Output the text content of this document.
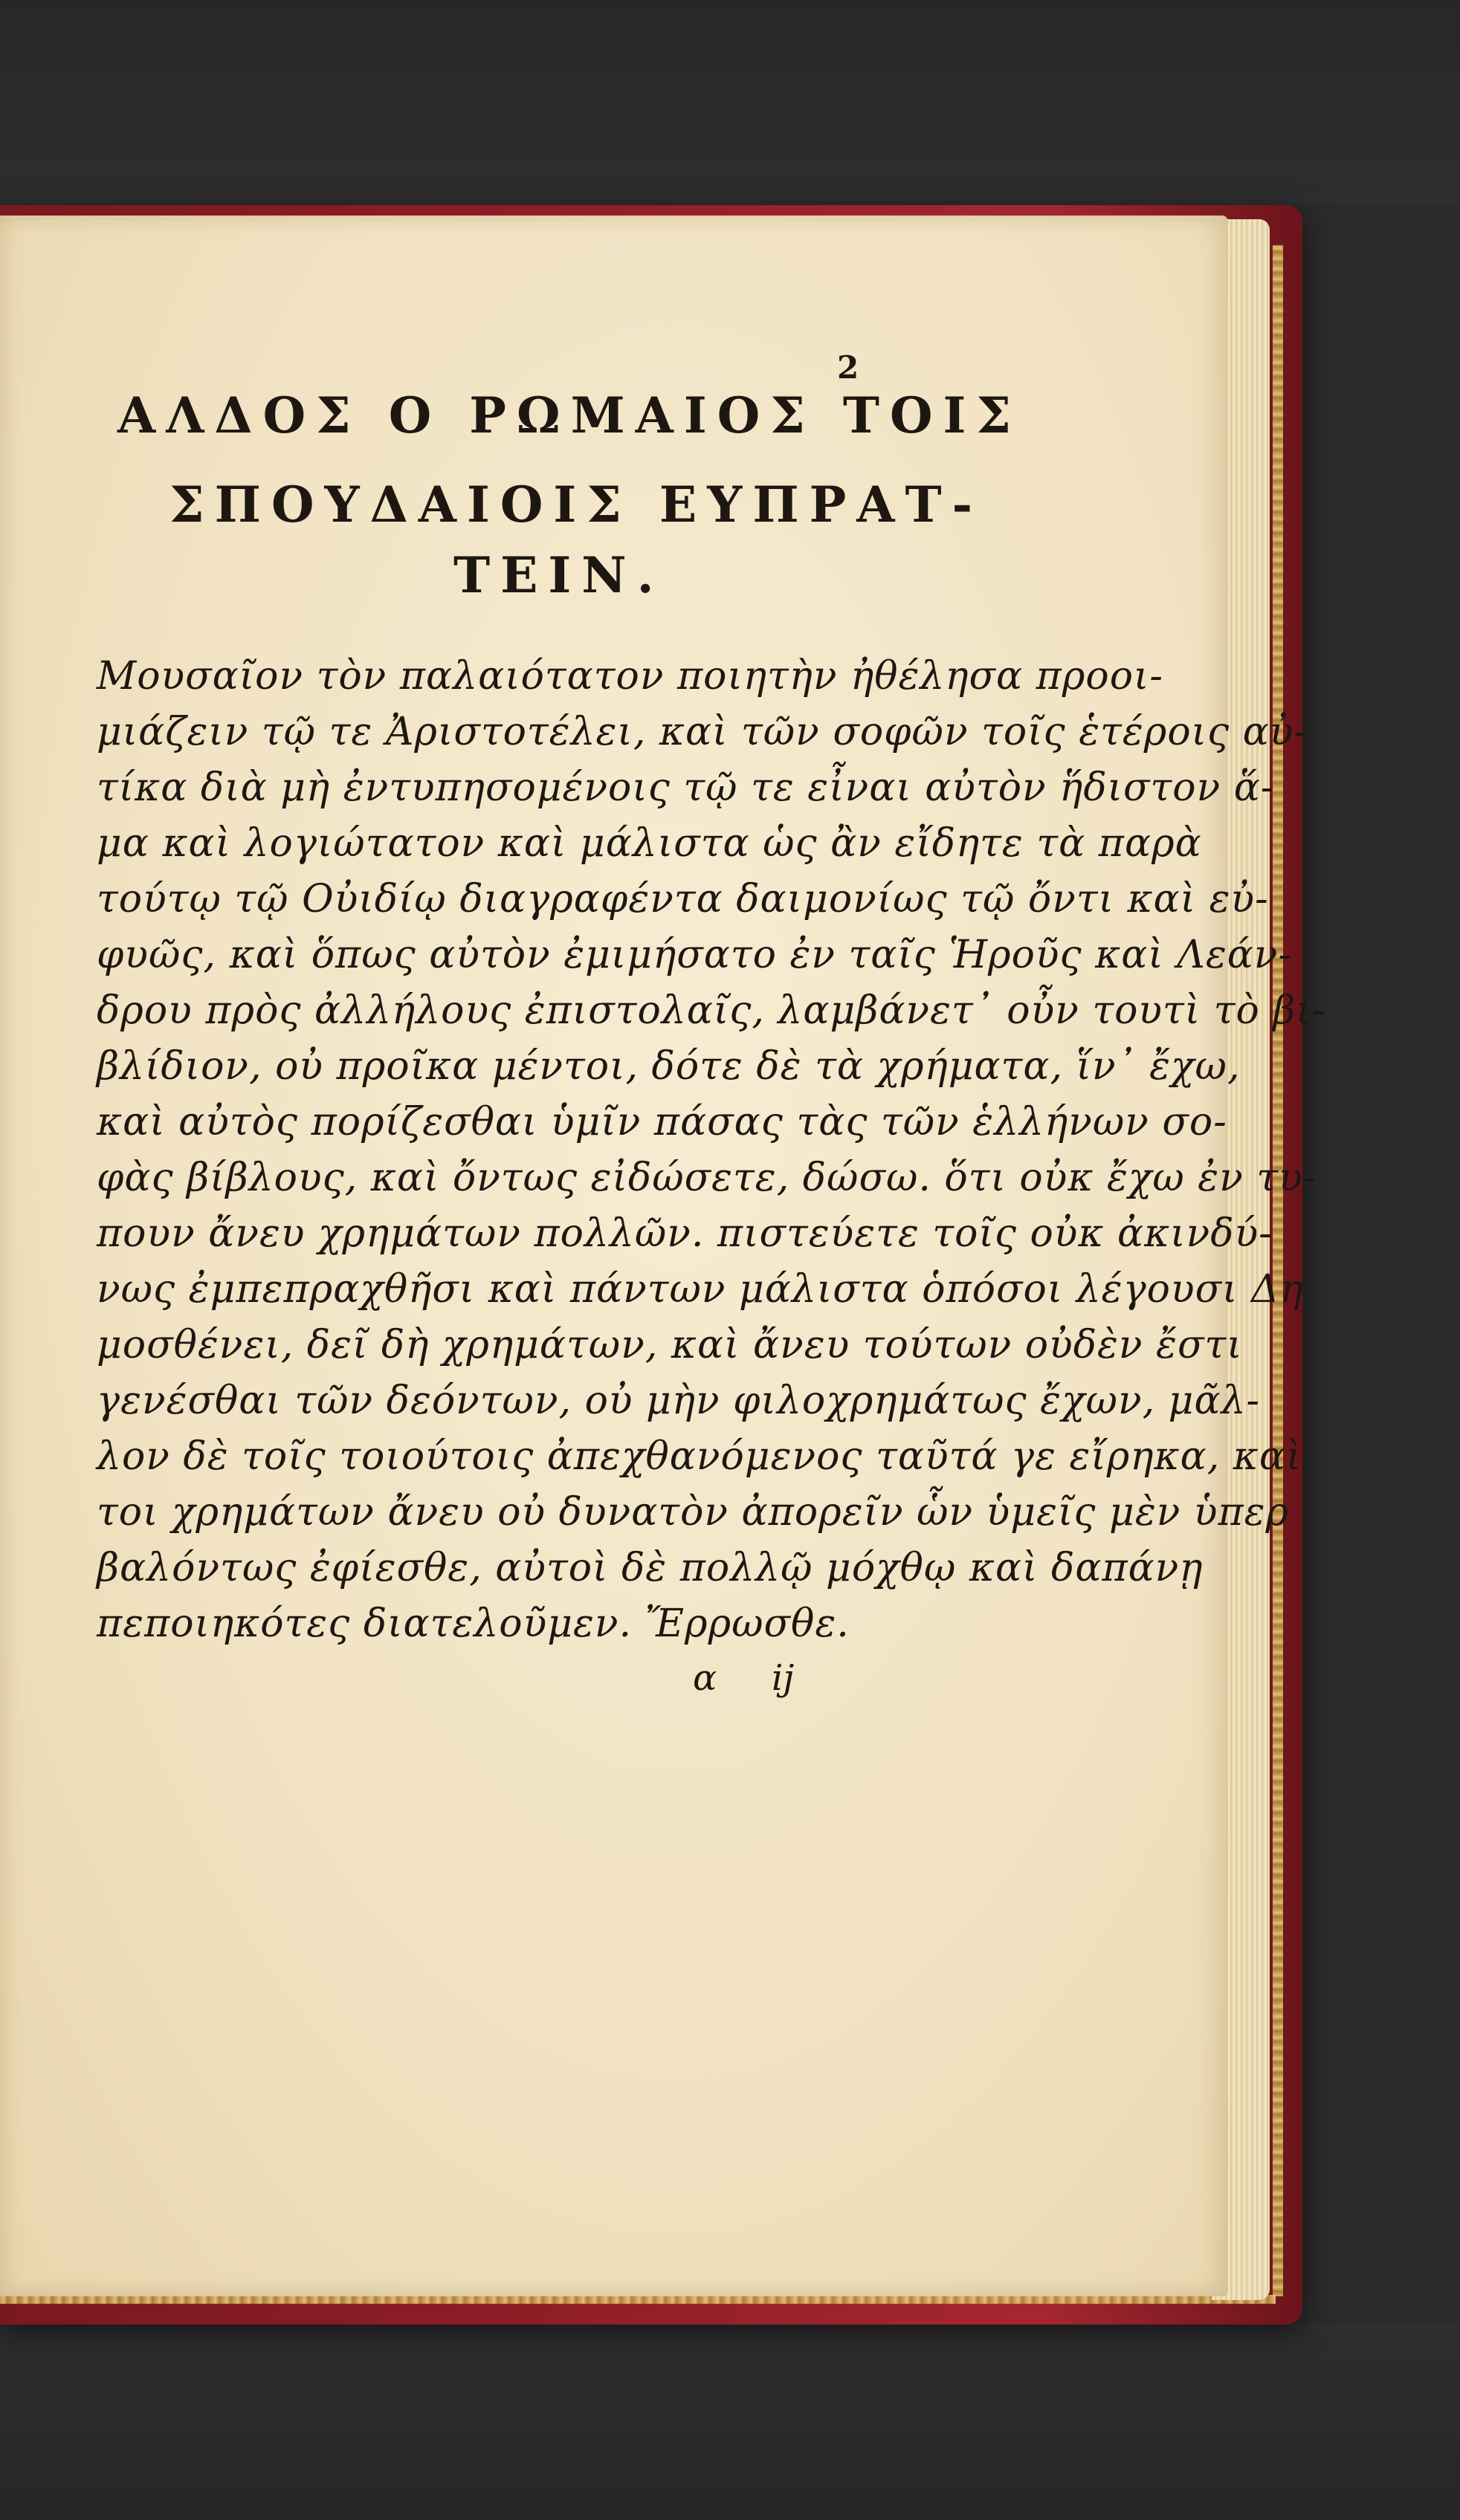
2
ΑΛΔΟΣ Ο ΡΩΜΑΙΟΣ ΤΟΙΣ
ΣΠΟΥΔΑΙΟΙΣ ΕΥΠΡΑΤ-
ΤΕΙΝ.
Μουσαῖον τὸν παλαιότατον ποιητὴν ἠθέλησα προοι-
μιάζειν τῷ τε Ἀριστοτέλει, καὶ τῶν σοφῶν τοῖς ἑτέροις αὐ-
τίκα διὰ μὴ ἐντυπησομένοις τῷ τε εἶναι αὐτὸν ἥδιστον ἅ-
μα καὶ λογιώτατον καὶ μάλιστα ὡς ἂν εἴδητε τὰ παρὰ
τούτῳ τῷ Οὐιδίῳ διαγραφέντα δαιμονίως τῷ ὄντι καὶ εὐ-
φυῶς, καὶ ὅπως αὐτὸν ἐμιμήσατο ἐν ταῖς Ἡροῦς καὶ Λεάν-
δρου πρὸς ἀλλήλους ἐπιστολαῖς, λαμβάνετ᾽ οὖν τουτὶ τὸ βι-
βλίδιον, οὐ προῖκα μέντοι, δότε δὲ τὰ χρήματα, ἵν᾽ ἔχω,
καὶ αὐτὸς πορίζεσθαι ὑμῖν πάσας τὰς τῶν ἑλλήνων σο-
φὰς βίβλους, καὶ ὄντως εἰδώσετε, δώσω. ὅτι οὐκ ἔχω ἐν τυ-
πουν ἄνευ χρημάτων πολλῶν. πιστεύετε τοῖς οὐκ ἀκινδύ-
νως ἐμπεπραχθῆσι καὶ πάντων μάλιστα ὁπόσοι λέγουσι Δη
μοσθένει, δεῖ δὴ χρημάτων, καὶ ἄνευ τούτων οὐδὲν ἔστι
γενέσθαι τῶν δεόντων, οὐ μὴν φιλοχρημάτως ἔχων, μᾶλ-
λον δὲ τοῖς τοιούτοις ἀπεχθανόμενος ταῦτά γε εἴρηκα, καὶ
τοι χρημάτων ἄνευ οὐ δυνατὸν ἀπορεῖν ὧν ὑμεῖς μὲν ὑπερ
βαλόντως ἐφίεσθε, αὐτοὶ δὲ πολλῷ μόχθῳ καὶ δαπάνῃ
πεποιηκότες διατελοῦμεν. Ἔρρωσθε.
α ij
